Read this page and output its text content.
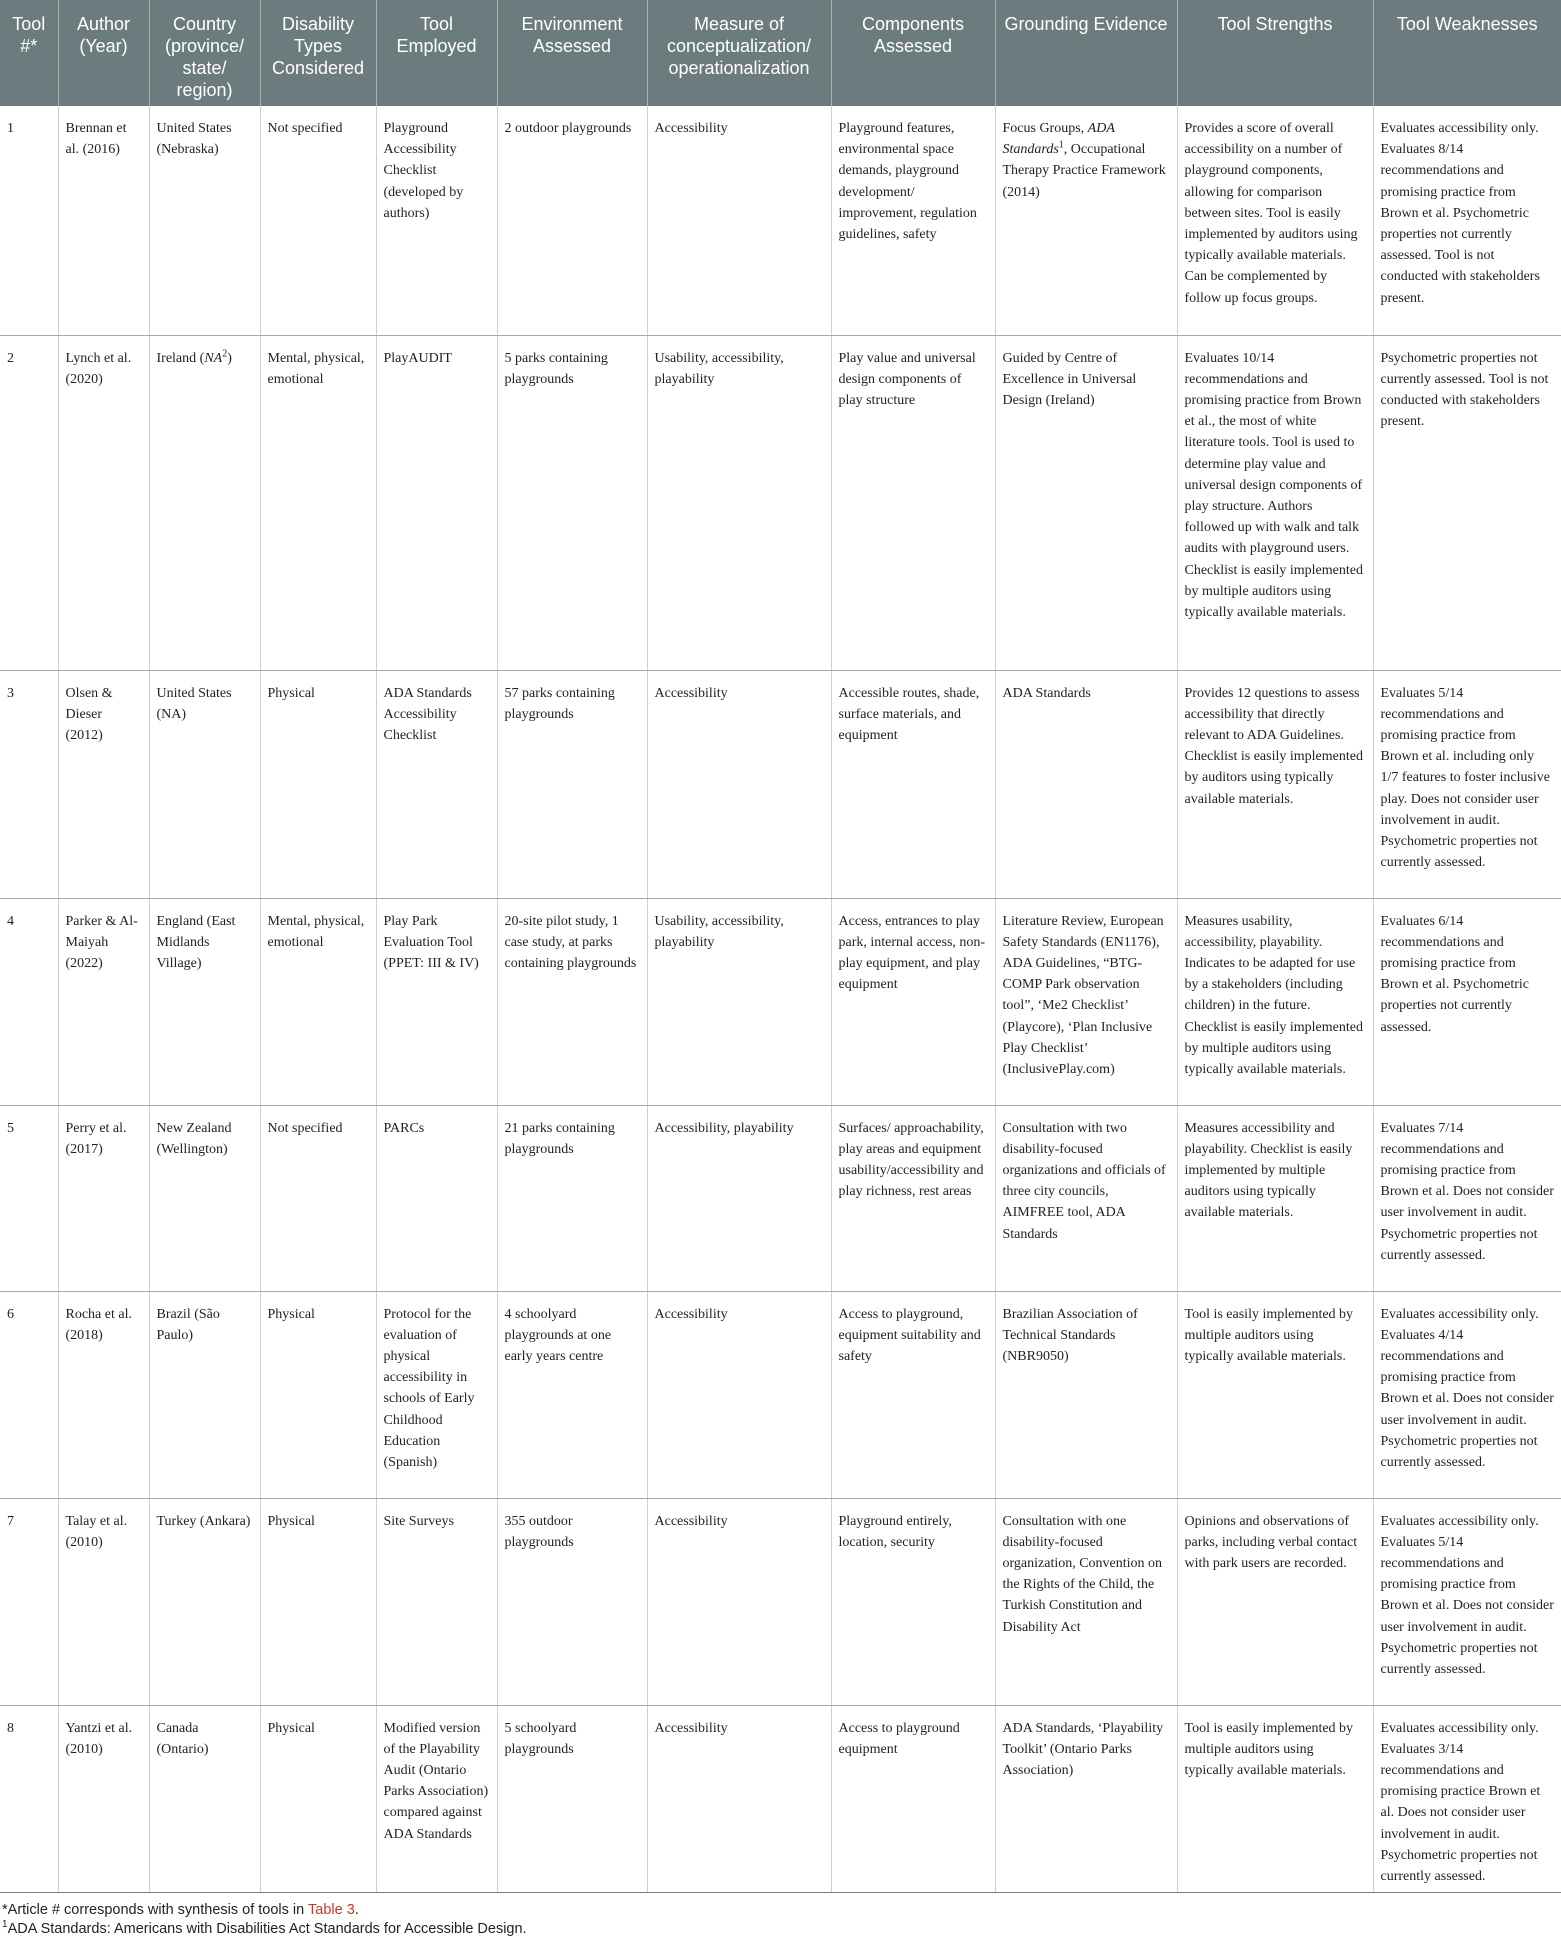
Tool #*	Author (Year)	Country (province/ state/ region)	Disability Types Considered	Tool Employed	Environment Assessed	Measure of conceptualization/ operationalization	Components Assessed	Grounding Evidence	Tool Strengths	Tool Weaknesses
1	Brennan et al. (2016)	United States (Nebraska)	Not specified	Playground Accessibility Checklist (developed by authors)	2 outdoor playgrounds	Accessibility	Playground features, environmental space demands, playground development/ improvement, regulation guidelines, safety	Focus Groups, ADA Standards$^1$, Occupational Therapy Practice Framework (2014)	Provides a score of overall accessibility on a number of playground components, allowing for comparison between sites. Tool is easily implemented by auditors using typically available materials. Can be complemented by follow up focus groups.	Evaluates accessibility only. Evaluates 8/14 recommendations and promising practice from Brown et al. Psychometric properties not currently assessed. Tool is not conducted with stakeholders present.
2	Lynch et al. (2020)	Ireland $(NA^2)$	Mental, physical, emotional	PlayAUDIT	5 parks containing playgrounds	Usability, accessibility, playability	Play value and universal design components of play structure	Guided by Centre of Excellence in Universal Design (Ireland)	Evaluates 10/14 recommendations and promising practice from Brown et al., the most of white literature tools. Tool is used to determine play value and universal design components of play structure. Authors followed up with walk and talk audits with playground users. Checklist is easily implemented by multiple auditors using typically available materials.	Psychometric properties not currently assessed. Tool is not conducted with stakeholders present.
3	Olsen & Dieser (2012)	United States (NA)	Physical	ADA Standards Accessibility Checklist	57 parks containing playgrounds	Accessibility	Accessible routes, shade, surface materials, and equipment	ADA Standards	Provides 12 questions to assess accessibility that directly relevant to ADA Guidelines. Checklist is easily implemented by auditors using typically available materials.	Evaluates 5/14 recommendations and promising practice from Brown et al. including only 1/7 features to foster inclusive play. Does not consider user involvement in audit. Psychometric properties not currently assessed.
4	Parker & Al-Maiyah (2022)	England (East Midlands Village)	Mental, physical, emotional	Play Park Evaluation Tool (PPET: III & IV)	20-site pilot study, 1 case study, at parks containing playgrounds	Usability, accessibility, playability	Access, entrances to play park, internal access, non-play equipment, and play equipment	Literature Review, European Safety Standards (EN1176), ADA Guidelines, “BTG-COMP Park observation tool”, ‘Me2 Checklist’ (Playcore), ‘Plan Inclusive Play Checklist’ (InclusivePlay.com)	Measures usability, accessibility, playability. Indicates to be adapted for use by a stakeholders (including children) in the future. Checklist is easily implemented by multiple auditors using typically available materials.	Evaluates 6/14 recommendations and promising practice from Brown et al. Psychometric properties not currently assessed.
5	Perry et al. (2017)	New Zealand (Wellington)	Not specified	PARCs	21 parks containing playgrounds	Accessibility, playability	Surfaces/ approachability, play areas and equipment usability/accessibility and play richness, rest areas	Consultation with two disability-focused organizations and officials of three city councils, AIMFREE tool, ADA Standards	Measures accessibility and playability. Checklist is easily implemented by multiple auditors using typically available materials.	Evaluates 7/14 recommendations and promising practice from Brown et al. Does not consider user involvement in audit. Psychometric properties not currently assessed.
6	Rocha et al. (2018)	Brazil (São Paulo)	Physical	Protocol for the evaluation of physical accessibility in schools of Early Childhood Education (Spanish)	4 schoolyard playgrounds at one early years centre	Accessibility	Access to playground, equipment suitability and safety	Brazilian Association of Technical Standards (NBR9050)	Tool is easily implemented by multiple auditors using typically available materials.	Evaluates accessibility only. Evaluates 4/14 recommendations and promising practice from Brown et al. Does not consider user involvement in audit. Psychometric properties not currently assessed.
7	Talay et al. (2010)	Turkey (Ankara)	Physical	Site Surveys	355 outdoor playgrounds	Accessibility	Playground entirely, location, security	Consultation with one disability-focused organization, Convention on the Rights of the Child, the Turkish Constitution and Disability Act	Opinions and observations of parks, including verbal contact with park users are recorded.	Evaluates accessibility only. Evaluates 5/14 recommendations and promising practice from Brown et al. Does not consider user involvement in audit. Psychometric properties not currently assessed.
8	Yantzi et al. (2010)	Canada (Ontario)	Physical	Modified version of the Playability Audit (Ontario Parks Association) compared against ADA Standards	5 schoolyard playgrounds	Accessibility	Access to playground equipment	ADA Standards, ‘Playability Toolkit’ (Ontario Parks Association)	Tool is easily implemented by multiple auditors using typically available materials.	Evaluates accessibility only. Evaluates 3/14 recommendations and promising practice Brown et al. Does not consider user involvement in audit. Psychometric properties not currently assessed.
*Article # corresponds with synthesis of tools in Table 3.
$^1$ADA Standards: Americans with Disabilities Act Standards for Accessible Design.
